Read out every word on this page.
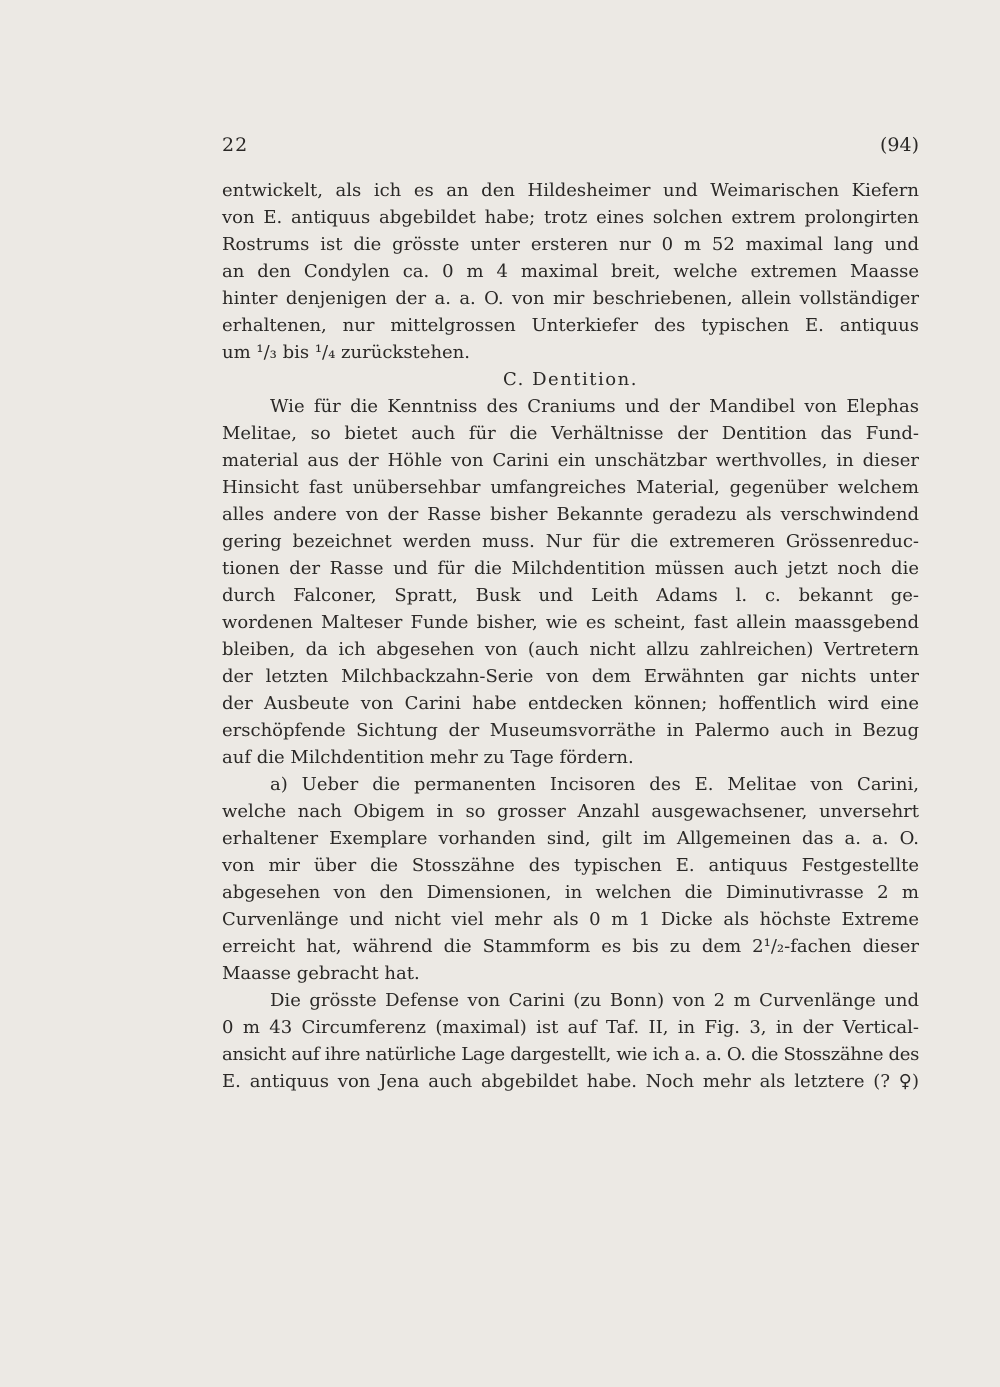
22	(94)
entwickelt, als ich es an den Hildesheimer und Weimarischen Kiefern
von E. antiquus abgebildet habe; trotz eines solchen extrem prolongirten
Rostrums ist die grösste unter ersteren nur 0 m 52 maximal lang und
an den Condylen ca. 0 m 4 maximal breit, welche extremen Maasse
hinter denjenigen der a. a. O. von mir beschriebenen, allein vollständiger
erhaltenen, nur mittelgrossen Unterkiefer des typischen E. antiquus
um ¹/₃ bis ¹/₄ zurückstehen.
C. Dentition.
Wie für die Kenntniss des Craniums und der Mandibel von Elephas
Melitae, so bietet auch für die Verhältnisse der Dentition das Fund-
material aus der Höhle von Carini ein unschätzbar werthvolles, in dieser
Hinsicht fast unübersehbar umfangreiches Material, gegenüber welchem
alles andere von der Rasse bisher Bekannte geradezu als verschwindend
gering bezeichnet werden muss. Nur für die extremeren Grössenreduc-
tionen der Rasse und für die Milchdentition müssen auch jetzt noch die
durch Falconer, Spratt, Busk und Leith Adams l. c. bekannt ge-
wordenen Malteser Funde bisher, wie es scheint, fast allein maassgebend
bleiben, da ich abgesehen von (auch nicht allzu zahlreichen) Vertretern
der letzten Milchbackzahn-Serie von dem Erwähnten gar nichts unter
der Ausbeute von Carini habe entdecken können; hoffentlich wird eine
erschöpfende Sichtung der Museumsvorräthe in Palermo auch in Bezug
auf die Milchdentition mehr zu Tage fördern.
a) Ueber die permanenten Incisoren des E. Melitae von Carini,
welche nach Obigem in so grosser Anzahl ausgewachsener, unversehrt
erhaltener Exemplare vorhanden sind, gilt im Allgemeinen das a. a. O.
von mir über die Stosszähne des typischen E. antiquus Festgestellte
abgesehen von den Dimensionen, in welchen die Diminutivrasse 2 m
Curvenlänge und nicht viel mehr als 0 m 1 Dicke als höchste Extreme
erreicht hat, während die Stammform es bis zu dem 2¹/₂-fachen dieser
Maasse gebracht hat.
Die grösste Defense von Carini (zu Bonn) von 2 m Curvenlänge und
0 m 43 Circumferenz (maximal) ist auf Taf. II, in Fig. 3, in der Vertical-
ansicht auf ihre natürliche Lage dargestellt, wie ich a. a. O. die Stosszähne des
E. antiquus von Jena auch abgebildet habe. Noch mehr als letztere (? ♀)
